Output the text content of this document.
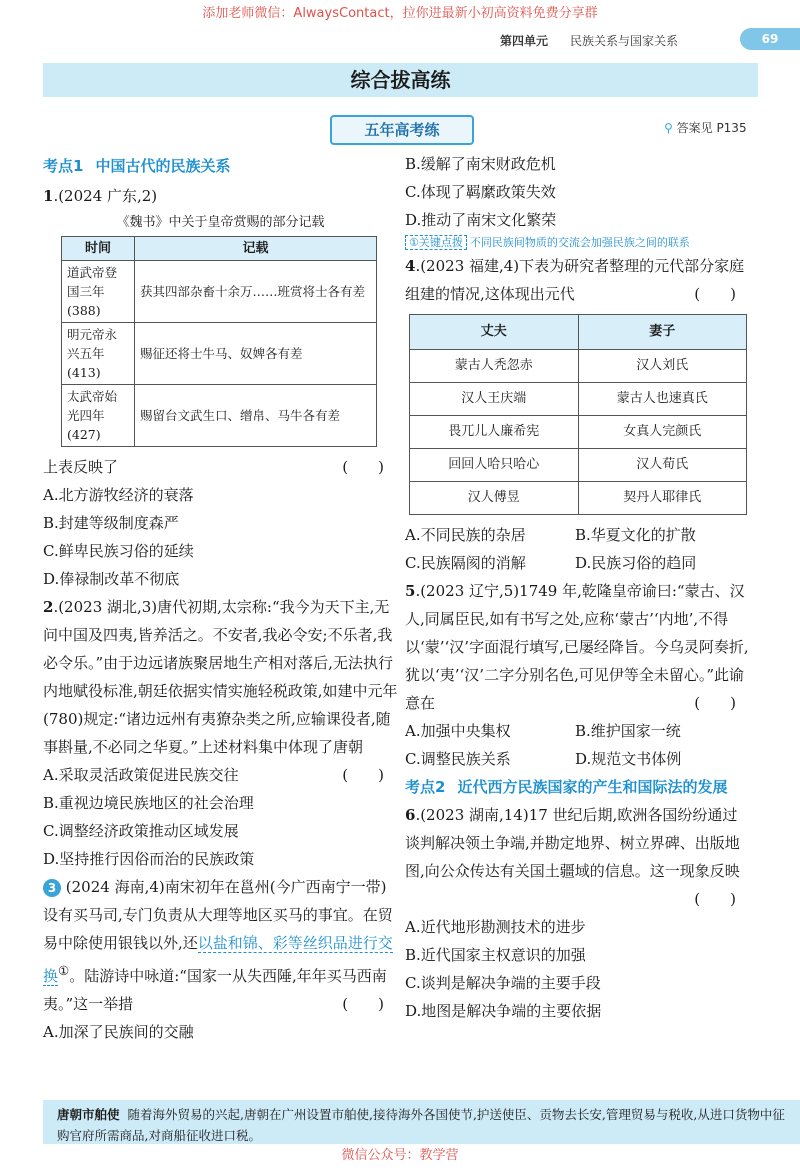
添加老师微信：AlwaysContact，拉你进最新小初高资料免费分享群
第四单元 民族关系与国家关系	69
综合拔高练
五年高考练	⚲ 答案见 P135
考点1 中国古代的民族关系
1.(2024 广东,2)
《魏书》中关于皇帝赏赐的部分记载
时间	记载
道武帝登国三年(388)	获其四部杂畜十余万……班赏将士各有差
明元帝永兴五年(413)	赐征还将士牛马、奴婢各有差
太武帝始光四年(427)	赐留台文武生口、缯帛、马牛各有差
上表反映了	(　　)
A.北方游牧经济的衰落
B.封建等级制度森严
C.鲜卑民族习俗的延续
D.俸禄制改革不彻底
2.(2023 湖北,3)唐代初期,太宗称:“我今为天下主,无问中国及四夷,皆养活之。不安者,我必令安;不乐者,我必令乐。”由于边远诸族聚居地生产相对落后,无法执行内地赋役标准,朝廷依据实情实施轻税政策,如建中元年(780)规定:“诸边远州有夷獠杂类之所,应输课役者,随事斟量,不必同之华夏。”上述材料集中体现了唐朝
(　　)
A.采取灵活政策促进民族交往
B.重视边境民族地区的社会治理
C.调整经济政策推动区域发展
D.坚持推行因俗而治的民族政策
3 (2024 海南,4)南宋初年在邕州(今广西南宁一带)设有买马司,专门负责从大理等地区买马的事宜。在贸易中除使用银钱以外,还以盐和锦、彩等丝织品进行交换①。陆游诗中咏道:“国家一从失西陲,年年买马西南夷。”这一举措	(　　)
A.加深了民族间的交融
B.缓解了南宋财政危机
C.体现了羁縻政策失效
D.推动了南宋文化繁荣
①关键点拨 不同民族间物质的交流会加强民族之间的联系
4.(2023 福建,4)下表为研究者整理的元代部分家庭组建的情况,这体现出元代	(　　)
丈夫	妻子
蒙古人秃忽赤	汉人刘氏
汉人王庆端	蒙古人也速真氏
畏兀儿人廉希宪	女真人完颜氏
回回人哈只哈心	汉人荀氏
汉人傅昱	契丹人耶律氏
A.不同民族的杂居	B.华夏文化的扩散
C.民族隔阂的消解	D.民族习俗的趋同
5.(2023 辽宁,5)1749 年,乾隆皇帝谕曰:“蒙古、汉人,同属臣民,如有书写之处,应称‘蒙古’‘内地’,不得以‘蒙’‘汉’字面混行填写,已屡经降旨。今乌灵阿奏折,犹以‘夷’‘汉’二字分别名色,可见伊等全未留心。”此谕意在	(　　)
A.加强中央集权	B.维护国家一统
C.调整民族关系	D.规范文书体例
考点2 近代西方民族国家的产生和国际法的发展
6.(2023 湖南,14)17 世纪后期,欧洲各国纷纷通过谈判解决领土争端,并勘定地界、树立界碑、出版地图,向公众传达有关国土疆域的信息。这一现象反映
(　　)
A.近代地形勘测技术的进步
B.近代国家主权意识的加强
C.谈判是解决争端的主要手段
D.地图是解决争端的主要依据
唐朝市舶使 随着海外贸易的兴起,唐朝在广州设置市舶使,接待海外各国使节,护送使臣、贡物去长安,管理贸易与税收,从进口货物中征购官府所需商品,对商船征收进口税。
微信公众号：教学营
